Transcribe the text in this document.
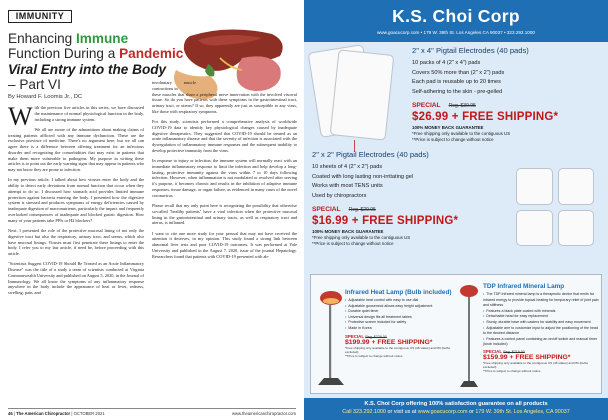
IMMUNITY
Enhancing Immune
Function During a Pandemic
Viral Entry into the Body
– Part VI
By Howard F. Loomis Jr., DC

With the previous five articles in this series, we have discussed the maintenance of normal physiological function in the body, including a strong immune system.

We all are aware of the admonitions about making claims of treating patients afflicted with any immune dysfunction. These are the exclusive province of medicine. There's no argument here, but we all can agree there is a difference between offering treatment for an infectious disorder and recognizing the comorbidities that may exist in patients that make them more vulnerable to pathogens. My purpose in writing these articles is to point out the early warning signs that may appear in patients who may not know they are prone to infection.

In my previous article, I talked about how viruses enter the body and the ability to detect early deviations from normal function that occur when they attempt to do so. I discussed how stomach acid provides limited immune protection against bacteria entering the body. I presented how the digestive system is stressed and produces symptoms of energy deficiencies caused by inadequate digestion of macronutrients, particularly the impact and frequently overlooked consequences of inadequate and blocked gastric digestion. How many of your patients take PPIs or H2 blockers?

Next, I presented the role of the protective mucosal lining of not only the digestive tract but also the respiratory, urinary tract, and uterus, which also have mucosal linings. Viruses must first penetrate these linings to enter the body. I refer you to my last article, if need be, before proceeding with this article.

"Scientists Suggest COVID-19 Should Be Treated as an Acute Inflammatory Disease" was the title of a study a team of scientists conducted at Virginia Commonwealth University and published on August 5, 2020, in the Journal of Immunology. We all know the symptoms of any inflammatory response anywhere in the body include the appearance of heat or fever, redness, swelling, pain, and

involuntary muscle contractions in
these muscles that share a peripheral nerve innervation with the involved visceral tissue. So do you have patients with these symptoms in the gastrointestinal tract, urinary tract, or uterus? If so, they apparently are just as susceptible to any virus, like those with respiratory symptoms.

For this study, scientists performed a comprehensive analysis of worldwide COVID-19 data to identify key physiological changes caused by inadequate digestive therapeutics. They suggested that COVID-19 should be treated as an acute inflammatory disease and that the severity of infection is associated with the dysregulation of inflammatory immune responses and the subsequent inability to develop protective immunity from the virus.

In response to injury or infection, the immune system will normally react with an immediate inflammatory response to limit the infection and help develop a long-lasting, protective immunity against the virus within 7 to 10 days following infection. However, when inflammation is not modulated or resolved after serving it's purpose, it becomes chronic and results in the inhibition of adaptive immune responses, tissue damage, or organ failure, as evidenced in many cases of the novel coronavirus.

Please recall that my only point here is recognizing the possibility that otherwise so-called "healthy patients" have a viral infection when the protective mucosal lining in the gastrointestinal and urinary tracts, as well as respiratory tract and uterus, is inflamed.

I want to cite one more study for your perusal that may not have received the attention it deserves, in my opinion. This study found a strong link between abnormal liver tests and poor COVID-19 outcomes. It was performed at Yale University and published in the August 7, 2020, issue of the journal Hepatology. Researchers found that patients with COVID-19 presented with ab-

46 | The American Chiropractor | OCTOBER 2021	www.theamericanchiropractor.com
K.S. Choi Corp
www.goacucorp.com • 179 W. 39th St. Los Angeles CA 90037 • 323.292.1000
2" x 4" Pigtail Electrodes (40 pads)
10 packs of 4 (2" x 4") pads
Covers 50% more than (2" x 2") pads
Each pad is reusable up to 20 times
Self-adhering to the skin - pre-gelled
SPECIAL Reg. $39.95
$26.99 + FREE SHIPPING*
100% MONEY BACK GUARANTEE
*Free shipping only available to the contiguous US
**Price is subject to change without notice
2" x 2" Pigtail Electrodes (40 pads)
10 sheets of 4 (2" x 2") pads
Coated with long lasting non-irritating gel
Works with most TENS units
Used by chiropractors
SPECIAL Reg. $29.95
$16.99 + FREE SHIPPING*
100% MONEY BACK GUARANTEE
*Free shipping only available to the contiguous US
**Price is subject to change without notice
Infrared Heat Lamp (Bulb included)
• Adjustable heat control with easy to use dial
• Adjustable gooseneck allows easy height adjustment
• Durable quiet timer
• Universal design fits all treatment tables
• Protective screen included for safety
• Made in Korea
SPECIAL Reg. $229.00
$199.99 + FREE SHIPPING*
*Free shipping only available to the contiguous US (48 states) and PR (bulbs excluded)
**Price is subject to change without notice
TDP Infrared Mineral Lamp
• The TDP Infrared mineral lamp is a therapeutic device that emits far infrared energy to provide topical heating for temporary relief of joint pain and stiffness
• Features a black plate coated with minerals
• Detachable head for easy replacement
• Sturdy, durable base with casters for stability and easy movement
• Adjustable arm to customize input to adjust the positioning of the head to the desired distance
• Features a control panel containing an on/off switch and manual timer (knob included)
SPECIAL Reg. $219.00
$159.99 + FREE SHIPPING*
*Free shipping only available to the contiguous US (48 states) and PR (bulbs excluded)
**Price is subject to change without notice
K.S. Choi Corp offering 100% satisfaction guarantee on all products
Call 323.292.1000 or visit us at www.goacucorp.com or 179 W. 39th St. Los Angeles, CA 90037
